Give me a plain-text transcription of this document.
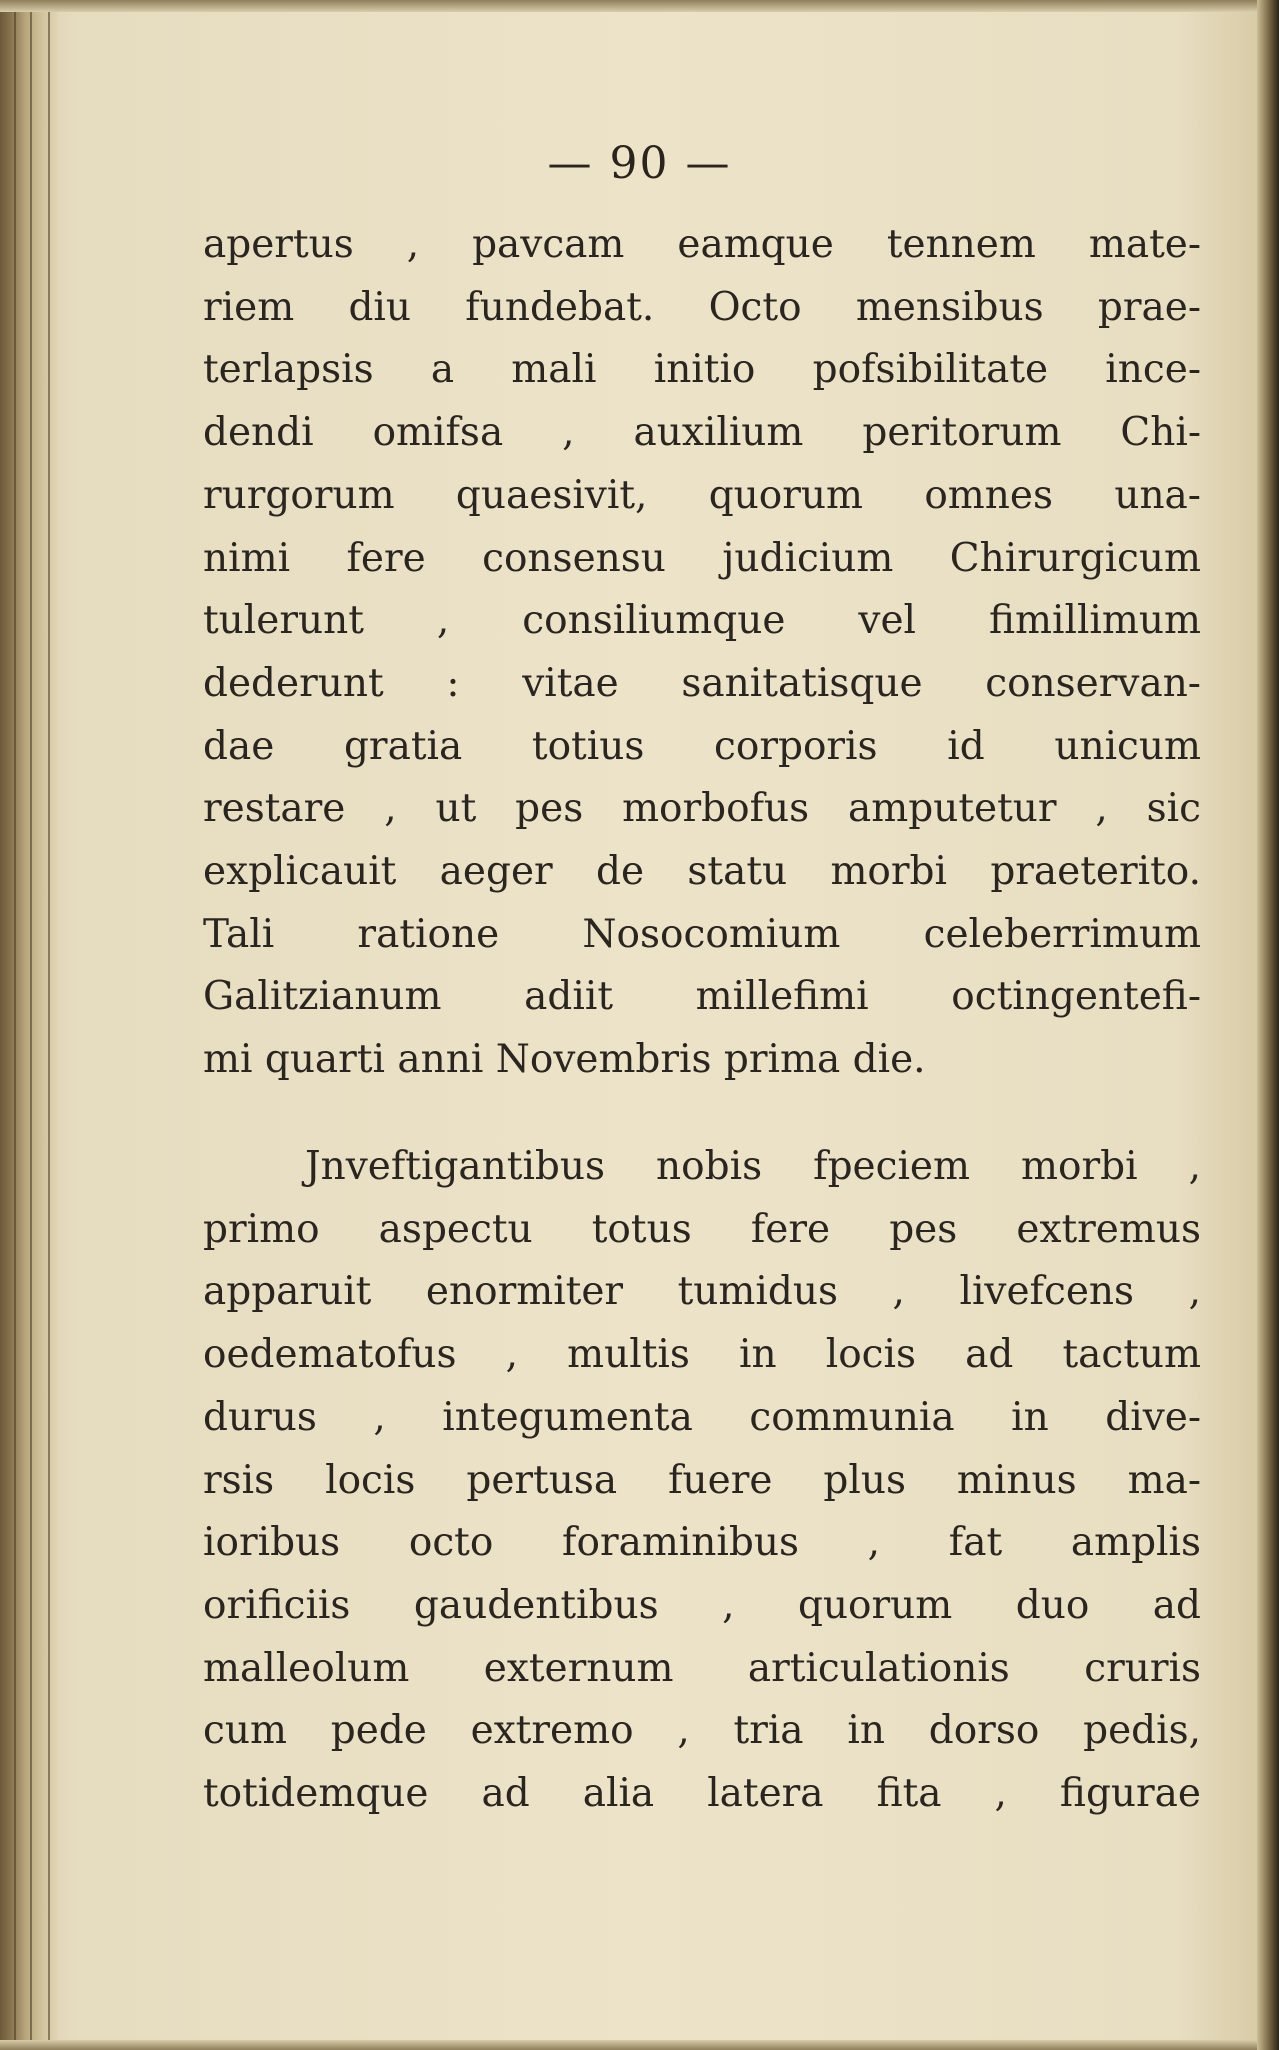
— 90 —
apertus , pavcam eamque tennem mate-
riem diu fundebat. Octo mensibus prae-
terlapsis a mali initio pofsibilitate ince-
dendi omifsa , auxilium peritorum Chi-
rurgorum quaesivit, quorum omnes una-
nimi fere consensu judicium Chirurgicum
tulerunt , consiliumque vel fimillimum
dederunt : vitae sanitatisque conservan-
dae gratia totius corporis id unicum
restare , ut pes morbofus amputetur , sic
explicauit aeger de statu morbi praeterito.
Tali ratione Nosocomium celeberrimum
Galitzianum adiit millefimi octingentefi-
mi quarti anni Novembris prima die.
Jnveftigantibus nobis fpeciem morbi ,
primo aspectu totus fere pes extremus
apparuit enormiter tumidus , livefcens ,
oedematofus , multis in locis ad tactum
durus , integumenta communia in dive-
rsis locis pertusa fuere plus minus ma-
ioribus octo foraminibus , fat amplis
orificiis gaudentibus , quorum duo ad
malleolum externum articulationis cruris
cum pede extremo , tria in dorso pedis,
totidemque ad alia latera fita , figurae
